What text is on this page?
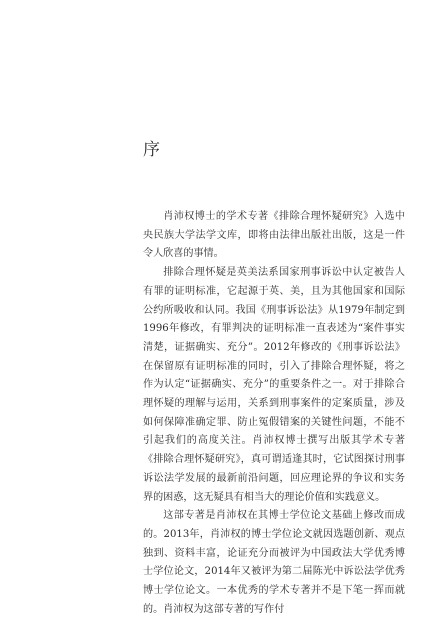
序

肖沛权博士的学术专著《排除合理怀疑研究》入选中央民族大学法学文库，即将由法律出版社出版，这是一件令人欣喜的事情。

排除合理怀疑是英美法系国家刑事诉讼中认定被告人有罪的证明标准，它起源于英、美，且为其他国家和国际公约所吸收和认同。我国《刑事诉讼法》从1979年制定到1996年修改，有罪判决的证明标准一直表述为“案件事实清楚，证据确实、充分”。2012年修改的《刑事诉讼法》在保留原有证明标准的同时，引入了排除合理怀疑，将之作为认定“证据确实、充分”的重要条件之一。对于排除合理怀疑的理解与运用，关系到刑事案件的定案质量，涉及如何保障准确定罪、防止冤假错案的关键性问题，不能不引起我们的高度关注。肖沛权博士撰写出版其学术专著《排除合理怀疑研究》，真可谓适逢其时，它试图探讨刑事诉讼法学发展的最新前沿问题，回应理论界的争议和实务界的困惑，这无疑具有相当大的理论价值和实践意义。

这部专著是肖沛权在其博士学位论文基础上修改而成的。2013年，肖沛权的博士学位论文就因选题创新、观点独到、资料丰富，论证充分而被评为中国政法大学优秀博士学位论文，2014年又被评为第二届陈光中诉讼法学优秀博士学位论文。一本优秀的学术专著并不是下笔一挥而就的。肖沛权为这部专著的写作付
